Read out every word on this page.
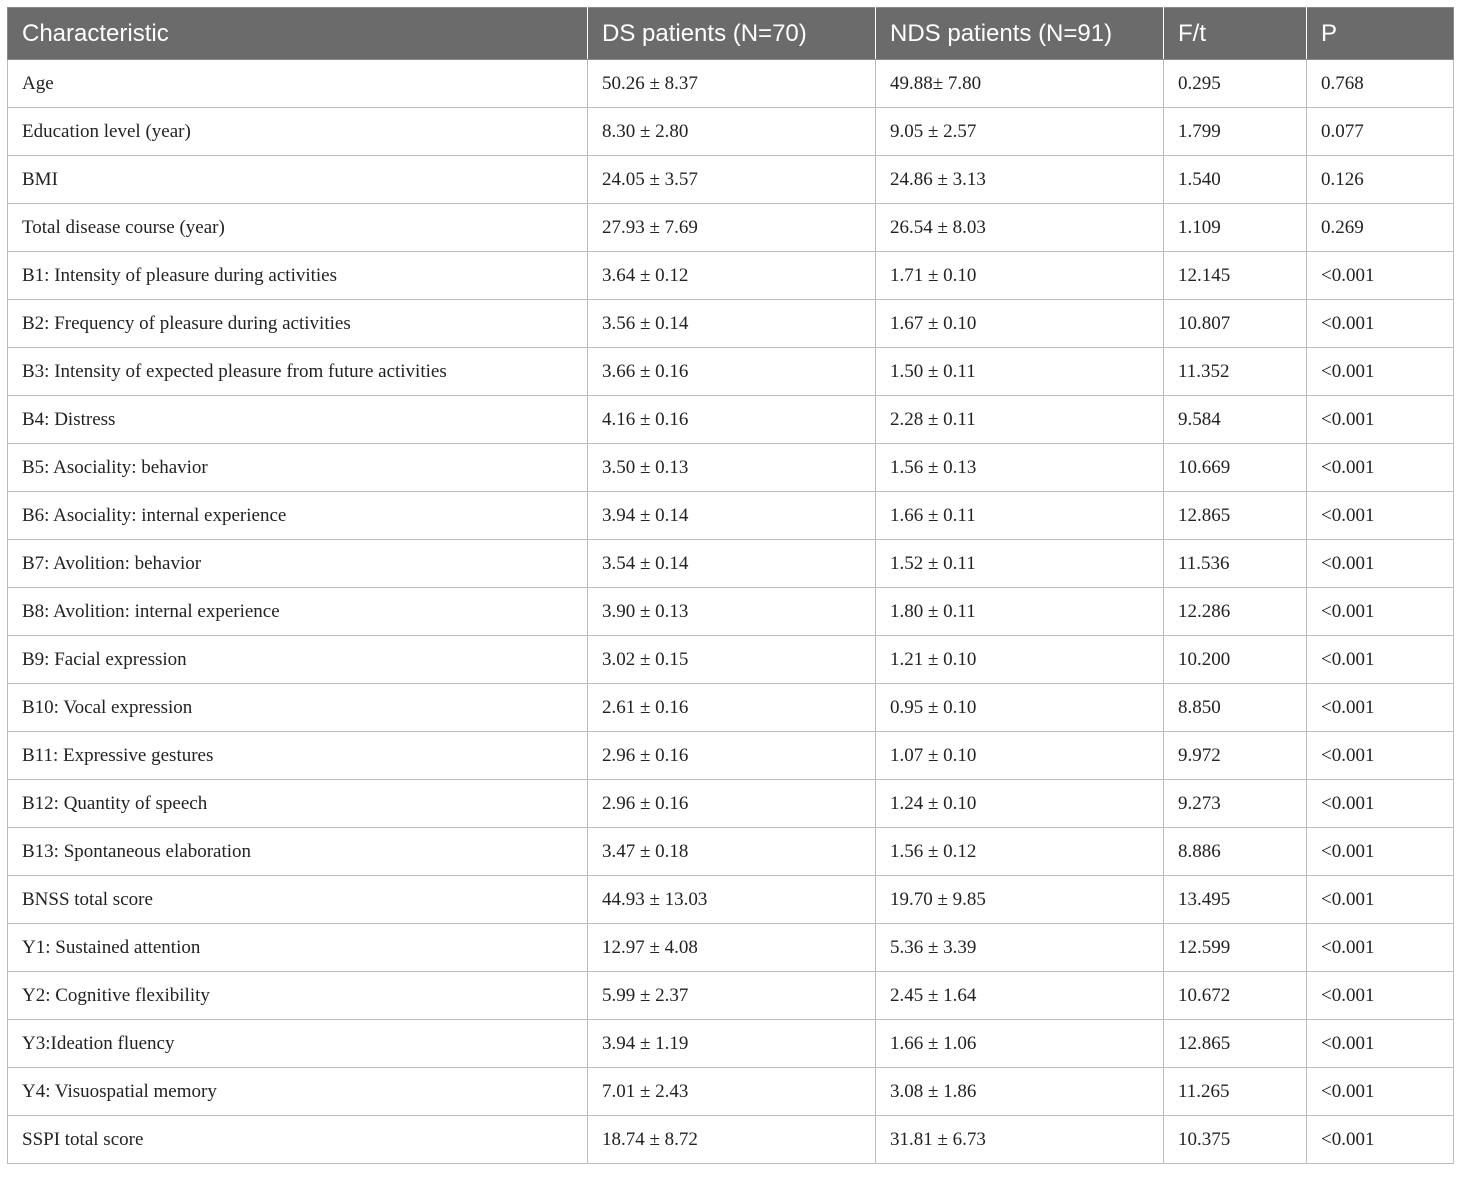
Characteristic	DS patients (N=70)	NDS patients (N=91)	F/t	P
Age	50.26 ± 8.37	49.88± 7.80	0.295	0.768
Education level (year)	8.30 ± 2.80	9.05 ± 2.57	1.799	0.077
BMI	24.05 ± 3.57	24.86 ± 3.13	1.540	0.126
Total disease course (year)	27.93 ± 7.69	26.54 ± 8.03	1.109	0.269
B1: Intensity of pleasure during activities	3.64 ± 0.12	1.71 ± 0.10	12.145	<0.001
B2: Frequency of pleasure during activities	3.56 ± 0.14	1.67 ± 0.10	10.807	<0.001
B3: Intensity of expected pleasure from future activities	3.66 ± 0.16	1.50 ± 0.11	11.352	<0.001
B4: Distress	4.16 ± 0.16	2.28 ± 0.11	9.584	<0.001
B5: Asociality: behavior	3.50 ± 0.13	1.56 ± 0.13	10.669	<0.001
B6: Asociality: internal experience	3.94 ± 0.14	1.66 ± 0.11	12.865	<0.001
B7: Avolition: behavior	3.54 ± 0.14	1.52 ± 0.11	11.536	<0.001
B8: Avolition: internal experience	3.90 ± 0.13	1.80 ± 0.11	12.286	<0.001
B9: Facial expression	3.02 ± 0.15	1.21 ± 0.10	10.200	<0.001
B10: Vocal expression	2.61 ± 0.16	0.95 ± 0.10	8.850	<0.001
B11: Expressive gestures	2.96 ± 0.16	1.07 ± 0.10	9.972	<0.001
B12: Quantity of speech	2.96 ± 0.16	1.24 ± 0.10	9.273	<0.001
B13: Spontaneous elaboration	3.47 ± 0.18	1.56 ± 0.12	8.886	<0.001
BNSS total score	44.93 ± 13.03	19.70 ± 9.85	13.495	<0.001
Y1: Sustained attention	12.97 ± 4.08	5.36 ± 3.39	12.599	<0.001
Y2: Cognitive flexibility	5.99 ± 2.37	2.45 ± 1.64	10.672	<0.001
Y3:Ideation fluency	3.94 ± 1.19	1.66 ± 1.06	12.865	<0.001
Y4: Visuospatial memory	7.01 ± 2.43	3.08 ± 1.86	11.265	<0.001
SSPI total score	18.74 ± 8.72	31.81 ± 6.73	10.375	<0.001
